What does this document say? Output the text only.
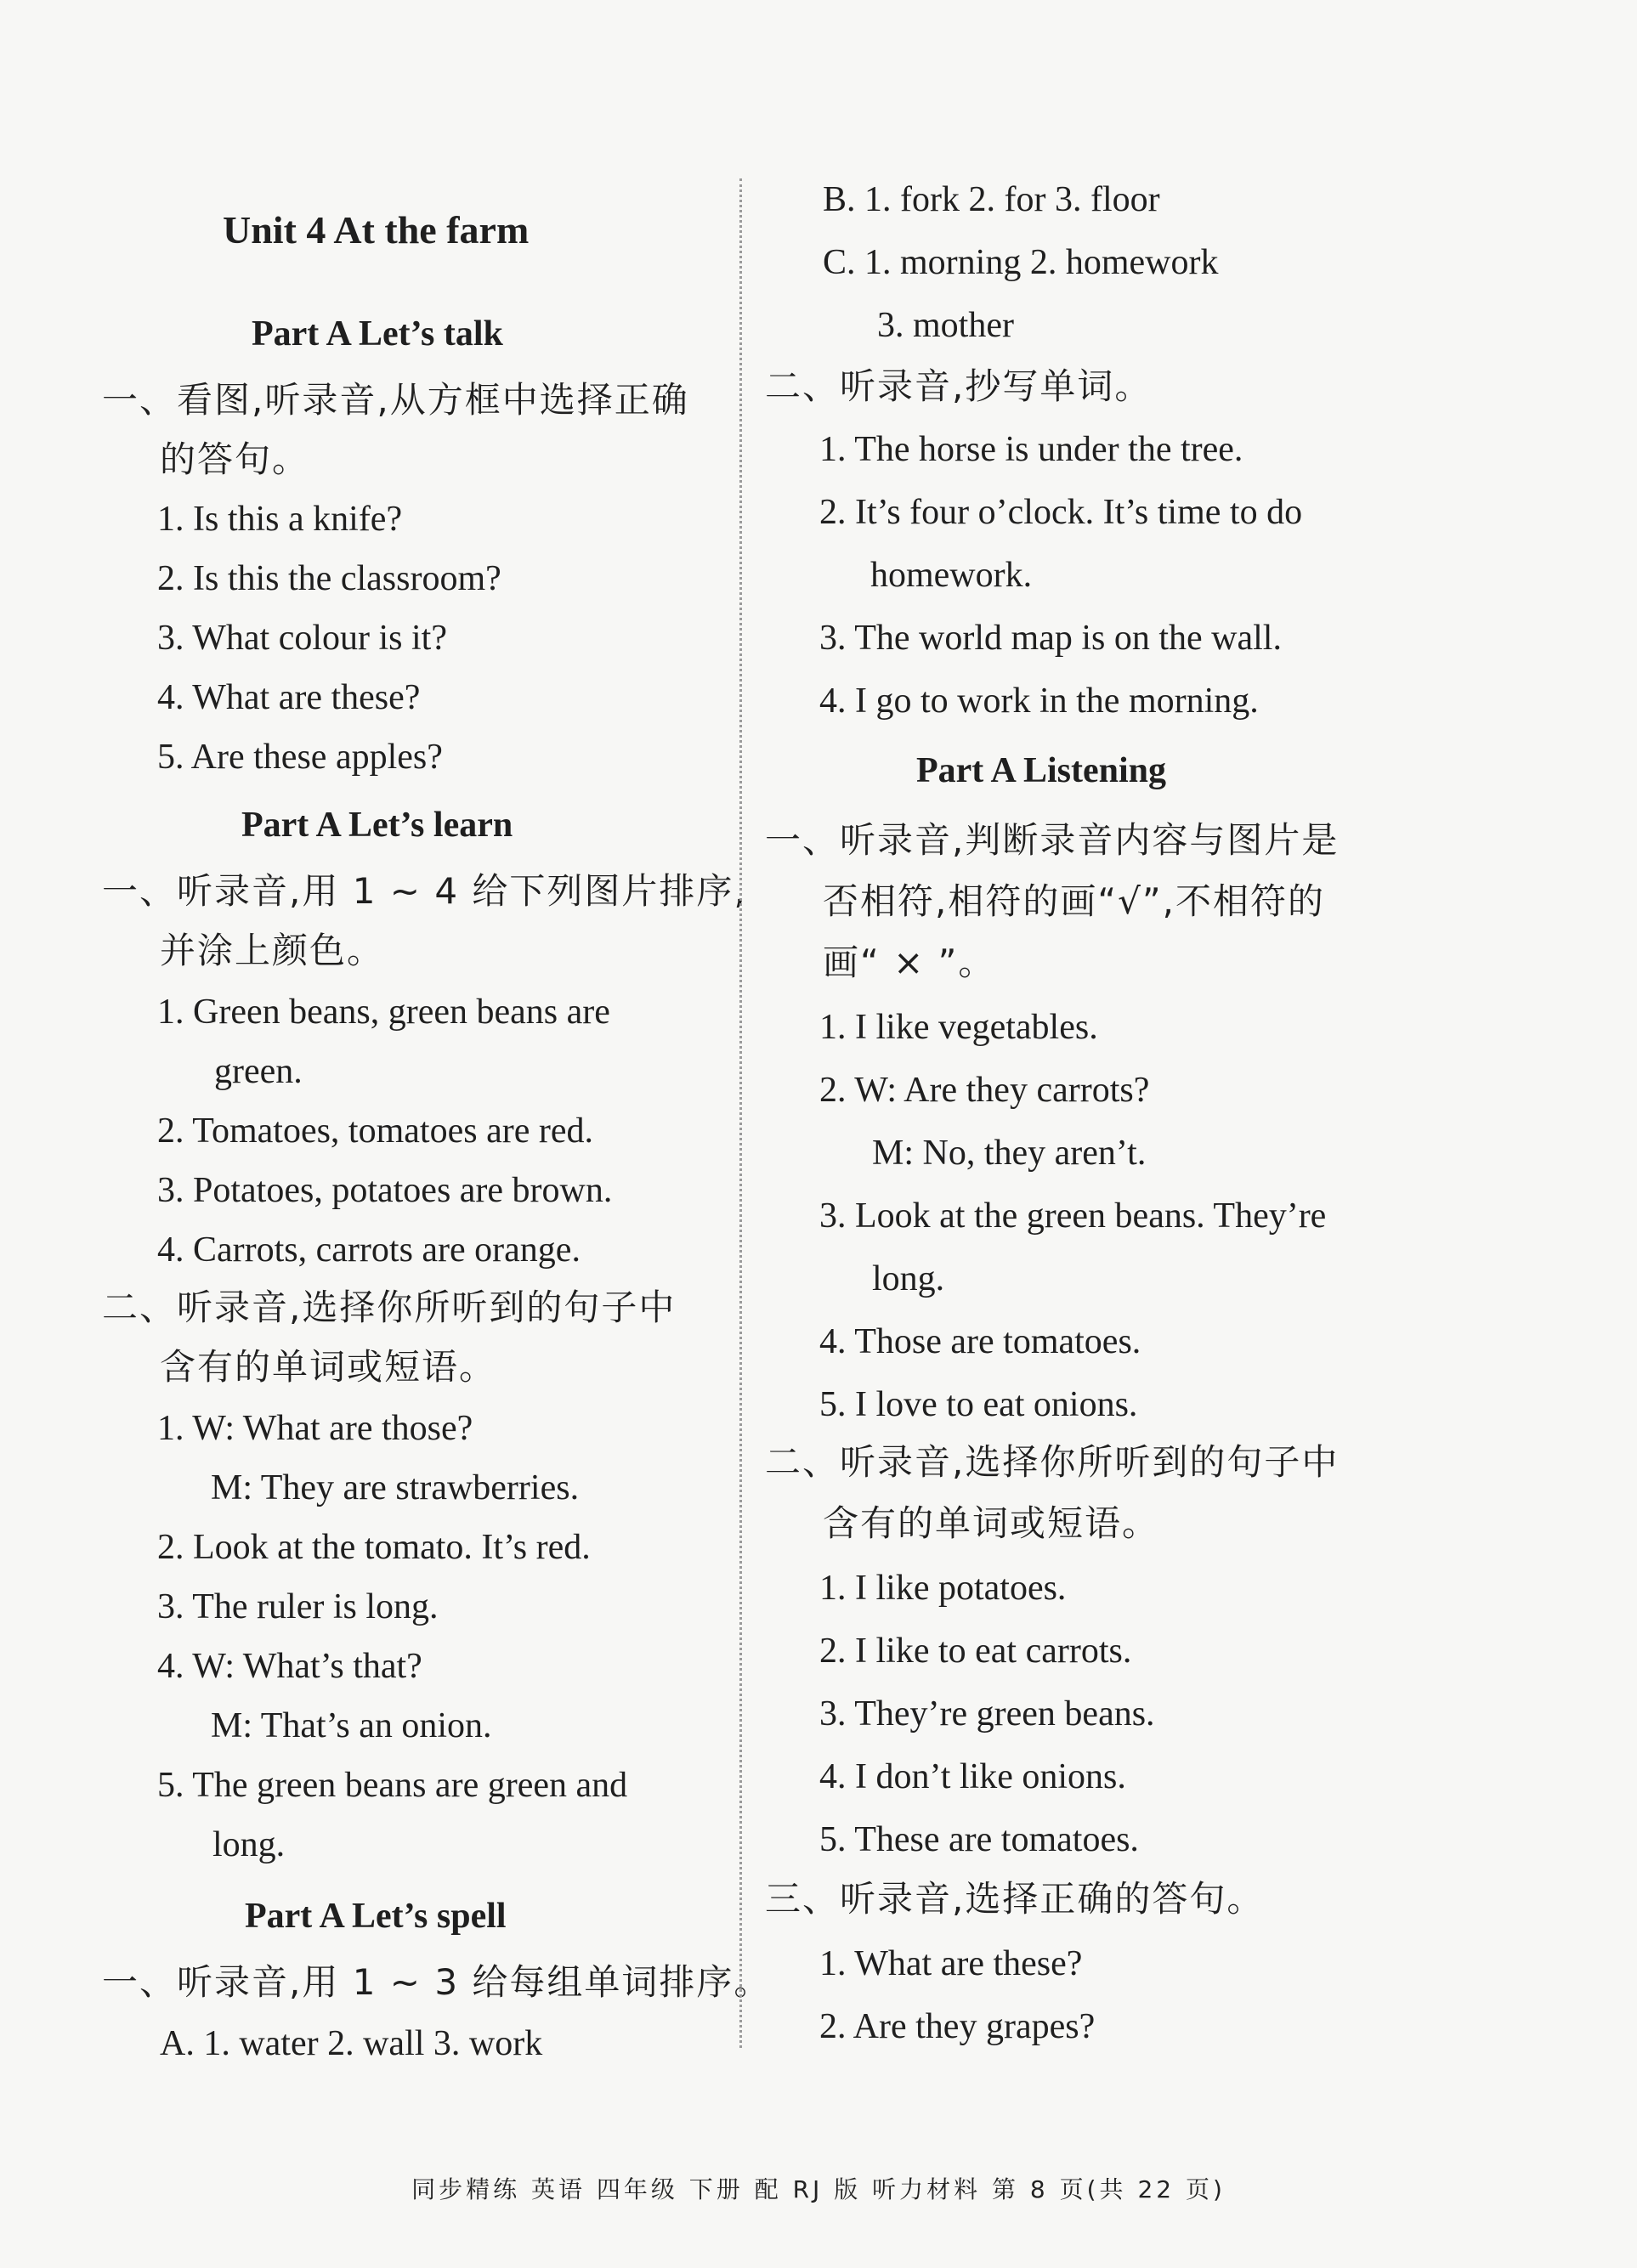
Unit 4 At the farm
Part A Let’s talk
一、看图,听录音,从方框中选择正确
的答句。
1. Is this a knife?
2. Is this the classroom?
3. What colour is it?
4. What are these?
5. Are these apples?
Part A Let’s learn
一、听录音,用 1 ~ 4 给下列图片排序,
并涂上颜色。
1. Green beans, green beans are
green.
2. Tomatoes, tomatoes are red.
3. Potatoes, potatoes are brown.
4. Carrots, carrots are orange.
二、听录音,选择你所听到的句子中
含有的单词或短语。
1. W: What are those?
M: They are strawberries.
2. Look at the tomato. It’s red.
3. The ruler is long.
4. W: What’s that?
M: That’s an onion.
5. The green beans are green and
long.
Part A Let’s spell
一、听录音,用 1 ~ 3 给每组单词排序。
A. 1. water 2. wall 3. work
B. 1. fork 2. for 3. floor
C. 1. morning 2. homework
3. mother
二、听录音,抄写单词。
1. The horse is under the tree.
2. It’s four o’clock. It’s time to do
homework.
3. The world map is on the wall.
4. I go to work in the morning.
Part A Listening
一、听录音,判断录音内容与图片是
否相符,相符的画“√”,不相符的
画“ × ”。
1. I like vegetables.
2. W: Are they carrots?
M: No, they aren’t.
3. Look at the green beans. They’re
long.
4. Those are tomatoes.
5. I love to eat onions.
二、听录音,选择你所听到的句子中
含有的单词或短语。
1. I like potatoes.
2. I like to eat carrots.
3. They’re green beans.
4. I don’t like onions.
5. These are tomatoes.
三、听录音,选择正确的答句。
1. What are these?
2. Are they grapes?
同步精练 英语 四年级 下册 配 RJ 版 听力材料 第 8 页(共 22 页)
